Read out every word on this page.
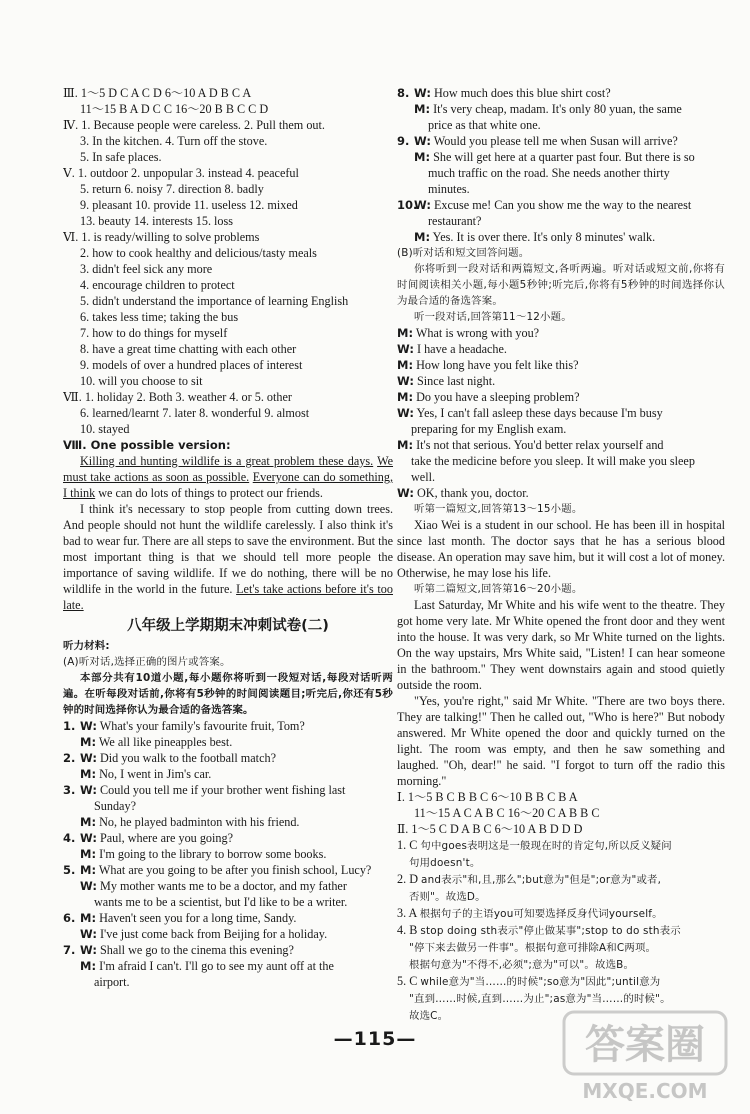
Ⅲ. 1～5 D C A C D 6～10 A D B C A
11～15 B A D C C 16～20 B B C C D
Ⅳ. 1. Because people were careless. 2. Pull them out.
3. In the kitchen. 4. Turn off the stove.
5. In safe places.
Ⅴ. 1. outdoor 2. unpopular 3. instead 4. peaceful
5. return 6. noisy 7. direction 8. badly
9. pleasant 10. provide 11. useless 12. mixed
13. beauty 14. interests 15. loss
Ⅵ. 1. is ready/willing to solve problems
2. how to cook healthy and delicious/tasty meals
3. didn't feel sick any more
4. encourage children to protect
5. didn't understand the importance of learning English
6. takes less time; taking the bus
7. how to do things for myself
8. have a great time chatting with each other
9. models of over a hundred places of interest
10. will you choose to sit
Ⅶ. 1. holiday 2. Both 3. weather 4. or 5. other
6. learned/learnt 7. later 8. wonderful 9. almost
10. stayed
Ⅷ. One possible version:
Killing and hunting wildlife is a great problem these days. We must take actions as soon as possible. Everyone can do something, I think we can do lots of things to protect our friends.
I think it's necessary to stop people from cutting down trees. And people should not hunt the wildlife carelessly. I also think it's bad to wear fur. There are all steps to save the environment. But the most important thing is that we should tell more people the importance of saving wildlife. If we do nothing, there will be no wildlife in the world in the future. Let's take actions before it's too late.
八年级上学期期末冲刺试卷(二)
听力材料:
(A)听对话,选择正确的图片或答案。
本部分共有10道小题,每小题你将听到一段短对话,每段对话听两遍。在听每段对话前,你将有5秒钟的时间阅读题目;听完后,你还有5秒钟的时间选择你认为最合适的备选答案。
1. W: What's your family's favourite fruit, Tom?
M: We all like pineapples best.
2. W: Did you walk to the football match?
M: No, I went in Jim's car.
3. W: Could you tell me if your brother went fishing last
Sunday?
M: No, he played badminton with his friend.
4. W: Paul, where are you going?
M: I'm going to the library to borrow some books.
5. M: What are you going to be after you finish school, Lucy?
W: My mother wants me to be a doctor, and my father
wants me to be a scientist, but I'd like to be a writer.
6. M: Haven't seen you for a long time, Sandy.
W: I've just come back from Beijing for a holiday.
7. W: Shall we go to the cinema this evening?
M: I'm afraid I can't. I'll go to see my aunt off at the
airport.
8. W: How much does this blue shirt cost?
M: It's very cheap, madam. It's only 80 yuan, the same
price as that white one.
9. W: Would you please tell me when Susan will arrive?
M: She will get here at a quarter past four. But there is so
much traffic on the road. She needs another thirty
minutes.
10.
W: Excuse me! Can you show me the way to the nearest
restaurant?
M: Yes. It is over there. It's only 8 minutes' walk.
(B)听对话和短文回答问题。
你将听到一段对话和两篇短文,各听两遍。听对话或短文前,你将有时间阅读相关小题,每小题5秒钟;听完后,你将有5秒钟的时间选择你认为最合适的备选答案。
听一段对话,回答第11～12小题。
M: What is wrong with you?
W: I have a headache.
M: How long have you felt like this?
W: Since last night.
M: Do you have a sleeping problem?
W: Yes, I can't fall asleep these days because I'm busy
preparing for my English exam.
M: It's not that serious. You'd better relax yourself and
take the medicine before you sleep. It will make you sleep
well.
W: OK, thank you, doctor.
听第一篇短文,回答第13～15小题。
Xiao Wei is a student in our school. He has been ill in hospital since last month. The doctor says that he has a serious blood disease. An operation may save him, but it will cost a lot of money. Otherwise, he may lose his life.
听第二篇短文,回答第16～20小题。
Last Saturday, Mr White and his wife went to the theatre. They got home very late. Mr White opened the front door and they went into the house. It was very dark, so Mr White turned on the lights. On the way upstairs, Mrs White said, "Listen! I can hear someone in the bathroom." They went downstairs again and stood quietly outside the room.
"Yes, you're right," said Mr White. "There are two boys there. They are talking!" Then he called out, "Who is here?" But nobody answered. Mr White opened the door and quickly turned on the light. The room was empty, and then he saw something and laughed. "Oh, dear!" he said. "I forgot to turn off the radio this morning."
Ⅰ. 1～5 B C B B C 6～10 B B C B A
11～15 A C A B C 16～20 C A B B C
Ⅱ. 1～5 C D A B C 6～10 A B D D D
1. C 句中goes表明这是一般现在时的肯定句,所以反义疑问
句用doesn't。
2. D and表示"和,且,那么";but意为"但是";or意为"或者,
否则"。故选D。
3. A 根据句子的主语you可知要选择反身代词yourself。
4. B stop doing sth表示"停止做某事";stop to do sth表示
"停下来去做另一件事"。根据句意可排除A和C两项。
根据句意为"不得不,必须";意为"可以"。故选B。
5. C while意为"当……的时候";so意为"因此";until意为
"直到……时候,直到……为止";as意为"当……的时候"。
故选C。
—115—	答案圈
MXQE.COM
